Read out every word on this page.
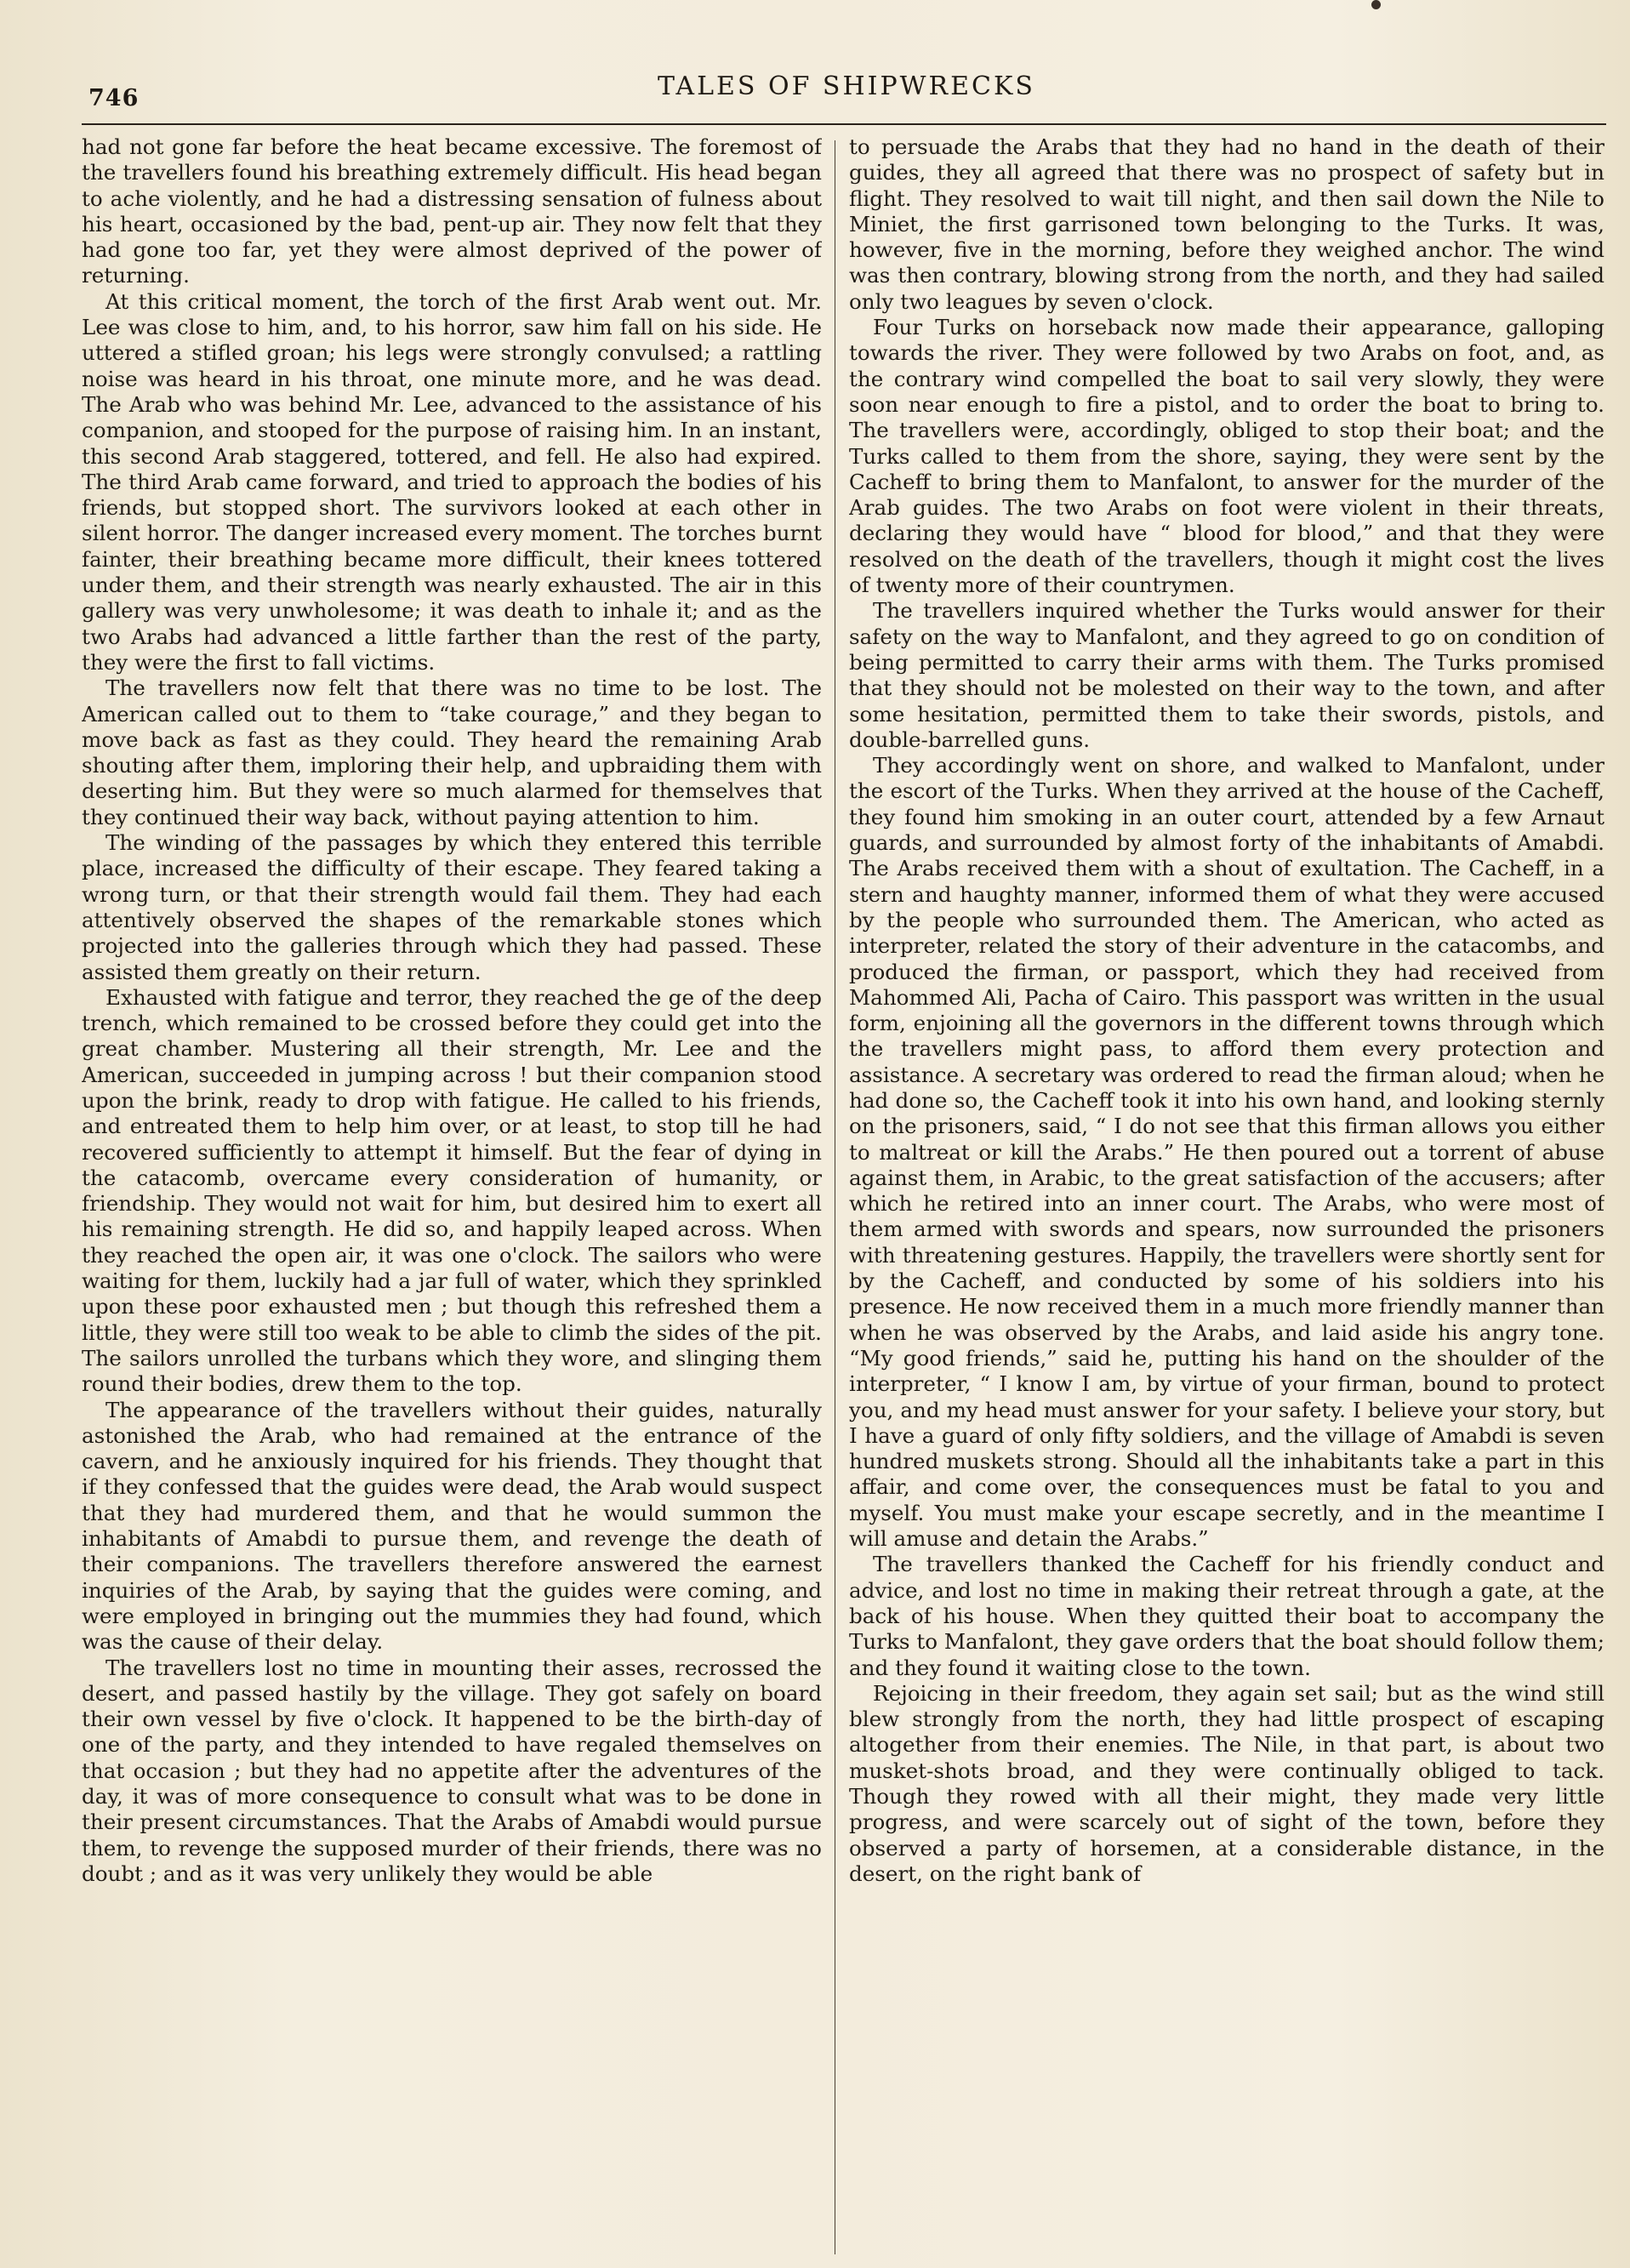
746	TALES OF SHIPWRECKS

had not gone far before the heat became excessive. The foremost of the travellers found his breathing extremely difficult. His head began to ache violently, and he had a distressing sensation of fulness about his heart, occasioned by the bad, pent-up air. They now felt that they had gone too far, yet they were almost deprived of the power of returning.

At this critical moment, the torch of the first Arab went out. Mr. Lee was close to him, and, to his horror, saw him fall on his side. He uttered a stifled groan; his legs were strongly convulsed; a rattling noise was heard in his throat, one minute more, and he was dead. The Arab who was behind Mr. Lee, advanced to the assistance of his companion, and stooped for the purpose of raising him. In an instant, this second Arab staggered, tottered, and fell. He also had expired. The third Arab came forward, and tried to approach the bodies of his friends, but stopped short. The survivors looked at each other in silent horror. The danger increased every moment. The torches burnt fainter, their breathing became more difficult, their knees tottered under them, and their strength was nearly exhausted. The air in this gallery was very unwholesome; it was death to inhale it; and as the two Arabs had advanced a little farther than the rest of the party, they were the first to fall victims.

The travellers now felt that there was no time to be lost. The American called out to them to “take courage,” and they began to move back as fast as they could. They heard the remaining Arab shouting after them, imploring their help, and upbraiding them with deserting him. But they were so much alarmed for themselves that they continued their way back, without paying attention to him.

The winding of the passages by which they entered this terrible place, increased the difficulty of their escape. They feared taking a wrong turn, or that their strength would fail them. They had each attentively observed the shapes of the remarkable stones which projected into the galleries through which they had passed. These assisted them greatly on their return.

Exhausted with fatigue and terror, they reached the ge of the deep trench, which remained to be crossed before they could get into the great chamber. Mustering all their strength, Mr. Lee and the American, succeeded in jumping across ! but their companion stood upon the brink, ready to drop with fatigue. He called to his friends, and entreated them to help him over, or at least, to stop till he had recovered sufficiently to attempt it himself. But the fear of dying in the catacomb, overcame every consideration of humanity, or friendship. They would not wait for him, but desired him to exert all his remaining strength. He did so, and happily leaped across. When they reached the open air, it was one o'clock. The sailors who were waiting for them, luckily had a jar full of water, which they sprinkled upon these poor exhausted men ; but though this refreshed them a little, they were still too weak to be able to climb the sides of the pit. The sailors unrolled the turbans which they wore, and slinging them round their bodies, drew them to the top.

The appearance of the travellers without their guides, naturally astonished the Arab, who had remained at the entrance of the cavern, and he anxiously inquired for his friends. They thought that if they confessed that the guides were dead, the Arab would suspect that they had murdered them, and that he would summon the inhabitants of Amabdi to pursue them, and revenge the death of their companions. The travellers therefore answered the earnest inquiries of the Arab, by saying that the guides were coming, and were employed in bringing out the mummies they had found, which was the cause of their delay.

The travellers lost no time in mounting their asses, recrossed the desert, and passed hastily by the village. They got safely on board their own vessel by five o'clock. It happened to be the birth-day of one of the party, and they intended to have regaled themselves on that occasion ; but they had no appetite after the adventures of the day, it was of more consequence to consult what was to be done in their present circumstances. That the Arabs of Amabdi would pursue them, to revenge the supposed murder of their friends, there was no doubt ; and as it was very unlikely they would be able

to persuade the Arabs that they had no hand in the death of their guides, they all agreed that there was no prospect of safety but in flight. They resolved to wait till night, and then sail down the Nile to Miniet, the first garrisoned town belonging to the Turks. It was, however, five in the morning, before they weighed anchor. The wind was then contrary, blowing strong from the north, and they had sailed only two leagues by seven o'clock.

Four Turks on horseback now made their appearance, galloping towards the river. They were followed by two Arabs on foot, and, as the contrary wind compelled the boat to sail very slowly, they were soon near enough to fire a pistol, and to order the boat to bring to. The travellers were, accordingly, obliged to stop their boat; and the Turks called to them from the shore, saying, they were sent by the Cacheff to bring them to Manfalont, to answer for the murder of the Arab guides. The two Arabs on foot were violent in their threats, declaring they would have “ blood for blood,” and that they were resolved on the death of the travellers, though it might cost the lives of twenty more of their countrymen.

The travellers inquired whether the Turks would answer for their safety on the way to Manfalont, and they agreed to go on condition of being permitted to carry their arms with them. The Turks promised that they should not be molested on their way to the town, and after some hesitation, permitted them to take their swords, pistols, and double-barrelled guns.

They accordingly went on shore, and walked to Manfalont, under the escort of the Turks. When they arrived at the house of the Cacheff, they found him smoking in an outer court, attended by a few Arnaut guards, and surrounded by almost forty of the inhabitants of Amabdi. The Arabs received them with a shout of exultation. The Cacheff, in a stern and haughty manner, informed them of what they were accused by the people who surrounded them. The American, who acted as interpreter, related the story of their adventure in the catacombs, and produced the firman, or passport, which they had received from Mahommed Ali, Pacha of Cairo. This passport was written in the usual form, enjoining all the governors in the different towns through which the travellers might pass, to afford them every protection and assistance. A secretary was ordered to read the firman aloud; when he had done so, the Cacheff took it into his own hand, and looking sternly on the prisoners, said, “ I do not see that this firman allows you either to maltreat or kill the Arabs.” He then poured out a torrent of abuse against them, in Arabic, to the great satisfaction of the accusers; after which he retired into an inner court. The Arabs, who were most of them armed with swords and spears, now surrounded the prisoners with threatening gestures. Happily, the travellers were shortly sent for by the Cacheff, and conducted by some of his soldiers into his presence. He now received them in a much more friendly manner than when he was observed by the Arabs, and laid aside his angry tone. “My good friends,” said he, putting his hand on the shoulder of the interpreter, “ I know I am, by virtue of your firman, bound to protect you, and my head must answer for your safety. I believe your story, but I have a guard of only fifty soldiers, and the village of Amabdi is seven hundred muskets strong. Should all the inhabitants take a part in this affair, and come over, the consequences must be fatal to you and myself. You must make your escape secretly, and in the meantime I will amuse and detain the Arabs.”

The travellers thanked the Cacheff for his friendly conduct and advice, and lost no time in making their retreat through a gate, at the back of his house. When they quitted their boat to accompany the Turks to Manfalont, they gave orders that the boat should follow them; and they found it waiting close to the town.

Rejoicing in their freedom, they again set sail; but as the wind still blew strongly from the north, they had little prospect of escaping altogether from their enemies. The Nile, in that part, is about two musket-shots broad, and they were continually obliged to tack. Though they rowed with all their might, they made very little progress, and were scarcely out of sight of the town, before they observed a party of horsemen, at a considerable distance, in the desert, on the right bank of
